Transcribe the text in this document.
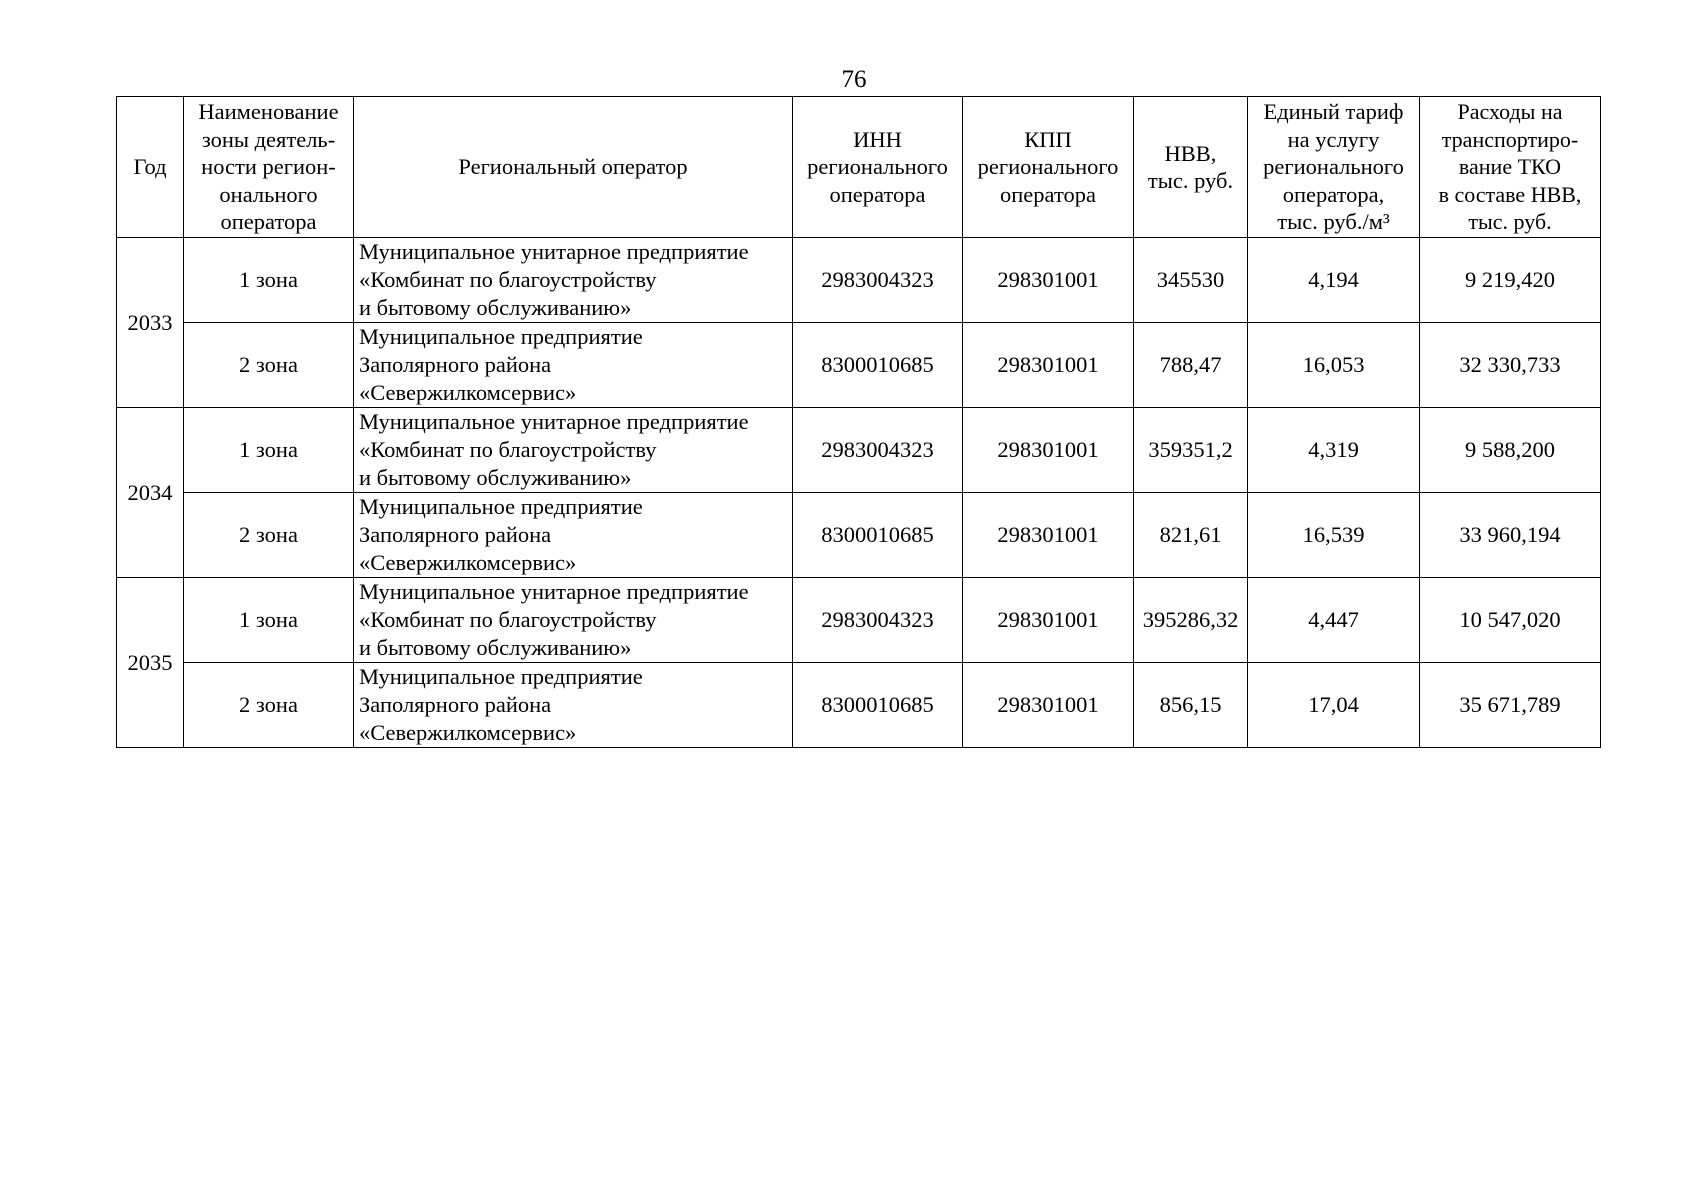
76
Год	Наименование
зоны деятель-
ности регион-
онального
оператора	Региональный оператор	ИНН
регионального
оператора	КПП
регионального
оператора	НВВ,
тыс. руб.	Единый тариф
на услугу
регионального
оператора,
тыс. руб./м³	Расходы на
транспортиро-
вание ТКО
в составе НВВ,
тыс. руб.

2033	1 зона	Муниципальное унитарное предприятие
«Комбинат по благоустройству
и бытовому обслуживанию»	2983004323	298301001	345530	4,194	9 219,420
	2 зона	Муниципальное предприятие
Заполярного района
«Севержилкомсервис»	8300010685	298301001	788,47	16,053	32 330,733
2034	1 зона	Муниципальное унитарное предприятие
«Комбинат по благоустройству
и бытовому обслуживанию»	2983004323	298301001	359351,2	4,319	9 588,200
	2 зона	Муниципальное предприятие
Заполярного района
«Севержилкомсервис»	8300010685	298301001	821,61	16,539	33 960,194
2035	1 зона	Муниципальное унитарное предприятие
«Комбинат по благоустройству
и бытовому обслуживанию»	2983004323	298301001	395286,32	4,447	10 547,020
	2 зона	Муниципальное предприятие
Заполярного района
«Севержилкомсервис»	8300010685	298301001	856,15	17,04	35 671,789
